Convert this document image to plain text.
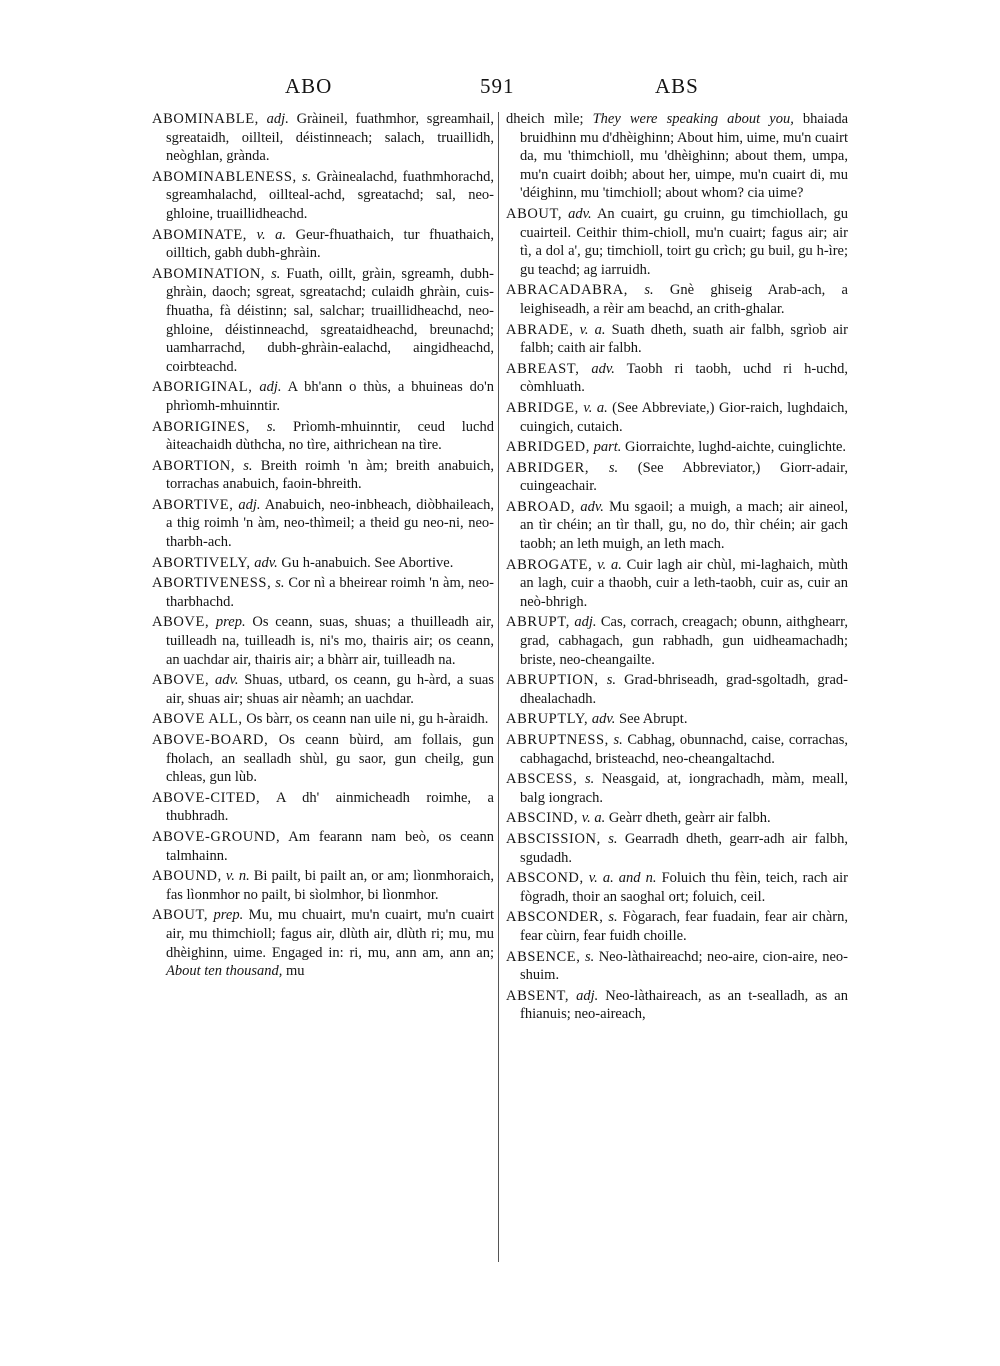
ABO	591	ABS

ABOMINABLE, adj. Gràineil, fuathmhor, sgreamhail, sgreataidh, oillteil, déistinneach; salach, truaillidh, neòghlan, grànda.

ABOMINABLENESS, s. Gràinealachd, fuathmhorachd, sgreamhalachd, oillteal-achd, sgreatachd; sal, neo-ghloine, truaillidheachd.

ABOMINATE, v. a. Geur-fhuathaich, tur fhuathaich, oilltich, gabh dubh-ghràin.

ABOMINATION, s. Fuath, oillt, gràin, sgreamh, dubh-ghràin, daoch; sgreat, sgreatachd; culaidh ghràin, cuis-fhuatha, fà déistinn; sal, salchar; truaillidheachd, neo-ghloine, déistinneachd, sgreataidheachd, breunachd; uamharrachd, dubh-ghràin-ealachd, aingidheachd, coirbteachd.

ABORIGINAL, adj. A bh'ann o thùs, a bhuineas do'n phrìomh-mhuinntir.

ABORIGINES, s. Prìomh-mhuinntir, ceud luchd àiteachaidh dùthcha, no tìre, aithrichean na tìre.

ABORTION, s. Breith roimh 'n àm; breith anabuich, torrachas anabuich, faoin-bhreith.

ABORTIVE, adj. Anabuich, neo-inbheach, diòbhaileach, a thig roimh 'n àm, neo-thìmeil; a theid gu neo-ni, neo-tharbh-ach.

ABORTIVELY, adv. Gu h-anabuich. See Abortive.

ABORTIVENESS, s. Cor nì a bheirear roimh 'n àm, neo-tharbhachd.

ABOVE, prep. Os ceann, suas, shuas; a thuilleadh air, tuilleadh na, tuilleadh is, ni's mo, thairis air; os ceann, an uachdar air, thairis air; a bhàrr air, tuilleadh na.

ABOVE, adv. Shuas, utbard, os ceann, gu h-àrd, a suas air, shuas air; shuas air nèamh; an uachdar.

ABOVE ALL, Os bàrr, os ceann nan uile ni, gu h-àraidh.

ABOVE-BOARD, Os ceann bùird, am follais, gun fholach, an sealladh shùl, gu saor, gun cheilg, gun chleas, gun lùb.

ABOVE-CITED, A dh' ainmicheadh roimhe, a thubhradh.

ABOVE-GROUND, Am fearann nam beò, os ceann talmhainn.

ABOUND, v. n. Bi pailt, bi pailt an, or am; lìonmhoraich, fas lìonmhor no pailt, bi sìolmhor, bi lìonmhor.

ABOUT, prep. Mu, mu chuairt, mu'n cuairt, mu'n cuairt air, mu thimchioll; fagus air, dlùth air, dlùth ri; mu, mu dhèighinn, uime. Engaged in: ri, mu, ann am, ann an; About ten thousand, mu

dheich mìle; They were speaking about you, bhaiada bruidhinn mu d'dhèighinn; About him, uime, mu'n cuairt da, mu 'thimchioll, mu 'dhèighinn; about them, umpa, mu'n cuairt doibh; about her, uimpe, mu'n cuairt di, mu 'déighinn, mu 'timchioll; about whom? cia uime?

ABOUT, adv. An cuairt, gu cruinn, gu timchiollach, gu cuairteil. Ceithir thim-chioll, mu'n cuairt; fagus air; air tì, a dol a', gu; timchioll, toirt gu crìch; gu buil, gu h-ìre; gu teachd; ag iarruidh.

ABRACADABRA, s. Gnè ghiseig Arab-ach, a leighiseadh, a rèir am beachd, an crith-ghalar.

ABRADE, v. a. Suath dheth, suath air falbh, sgrìob air falbh; caith air falbh.

ABREAST, adv. Taobh ri taobh, uchd ri h-uchd, còmhluath.

ABRIDGE, v. a. (See Abbreviate,) Gior-raich, lughdaich, cuingich, cutaich.

ABRIDGED, part. Giorraichte, lughd-aichte, cuinglichte.

ABRIDGER, s. (See Abbreviator,) Giorr-adair, cuingeachair.

ABROAD, adv. Mu sgaoil; a muigh, a mach; air aineol, an tìr chéin; an tìr thall, gu, no do, thìr chéin; air gach taobh; an leth muigh, an leth mach.

ABROGATE, v. a. Cuir lagh air chùl, mi-laghaich, mùth an lagh, cuir a thaobh, cuir a leth-taobh, cuir as, cuir an neò-bhrigh.

ABRUPT, adj. Cas, corrach, creagach; obunn, aithghearr, grad, cabhagach, gun rabhadh, gun uidheamachadh; briste, neo-cheangailte.

ABRUPTION, s. Grad-bhriseadh, grad-sgoltadh, grad-dhealachadh.

ABRUPTLY, adv. See Abrupt.

ABRUPTNESS, s. Cabhag, obunnachd, caise, corrachas, cabhagachd, bristeachd, neo-cheangaltachd.

ABSCESS, s. Neasgaid, at, iongrachadh, màm, meall, balg iongrach.

ABSCIND, v. a. Geàrr dheth, geàrr air falbh.

ABSCISSION, s. Gearradh dheth, gearr-adh air falbh, sgudadh.

ABSCOND, v. a. and n. Foluich thu fèin, teich, rach air fògradh, thoir an saoghal ort; foluich, ceil.

ABSCONDER, s. Fògarach, fear fuadain, fear air chàrn, fear cùirn, fear fuidh choille.

ABSENCE, s. Neo-làthaireachd; neo-aire, cion-aire, neo-shuim.

ABSENT, adj. Neo-làthaireach, as an t-sealladh, as an fhianuis; neo-aireach,
